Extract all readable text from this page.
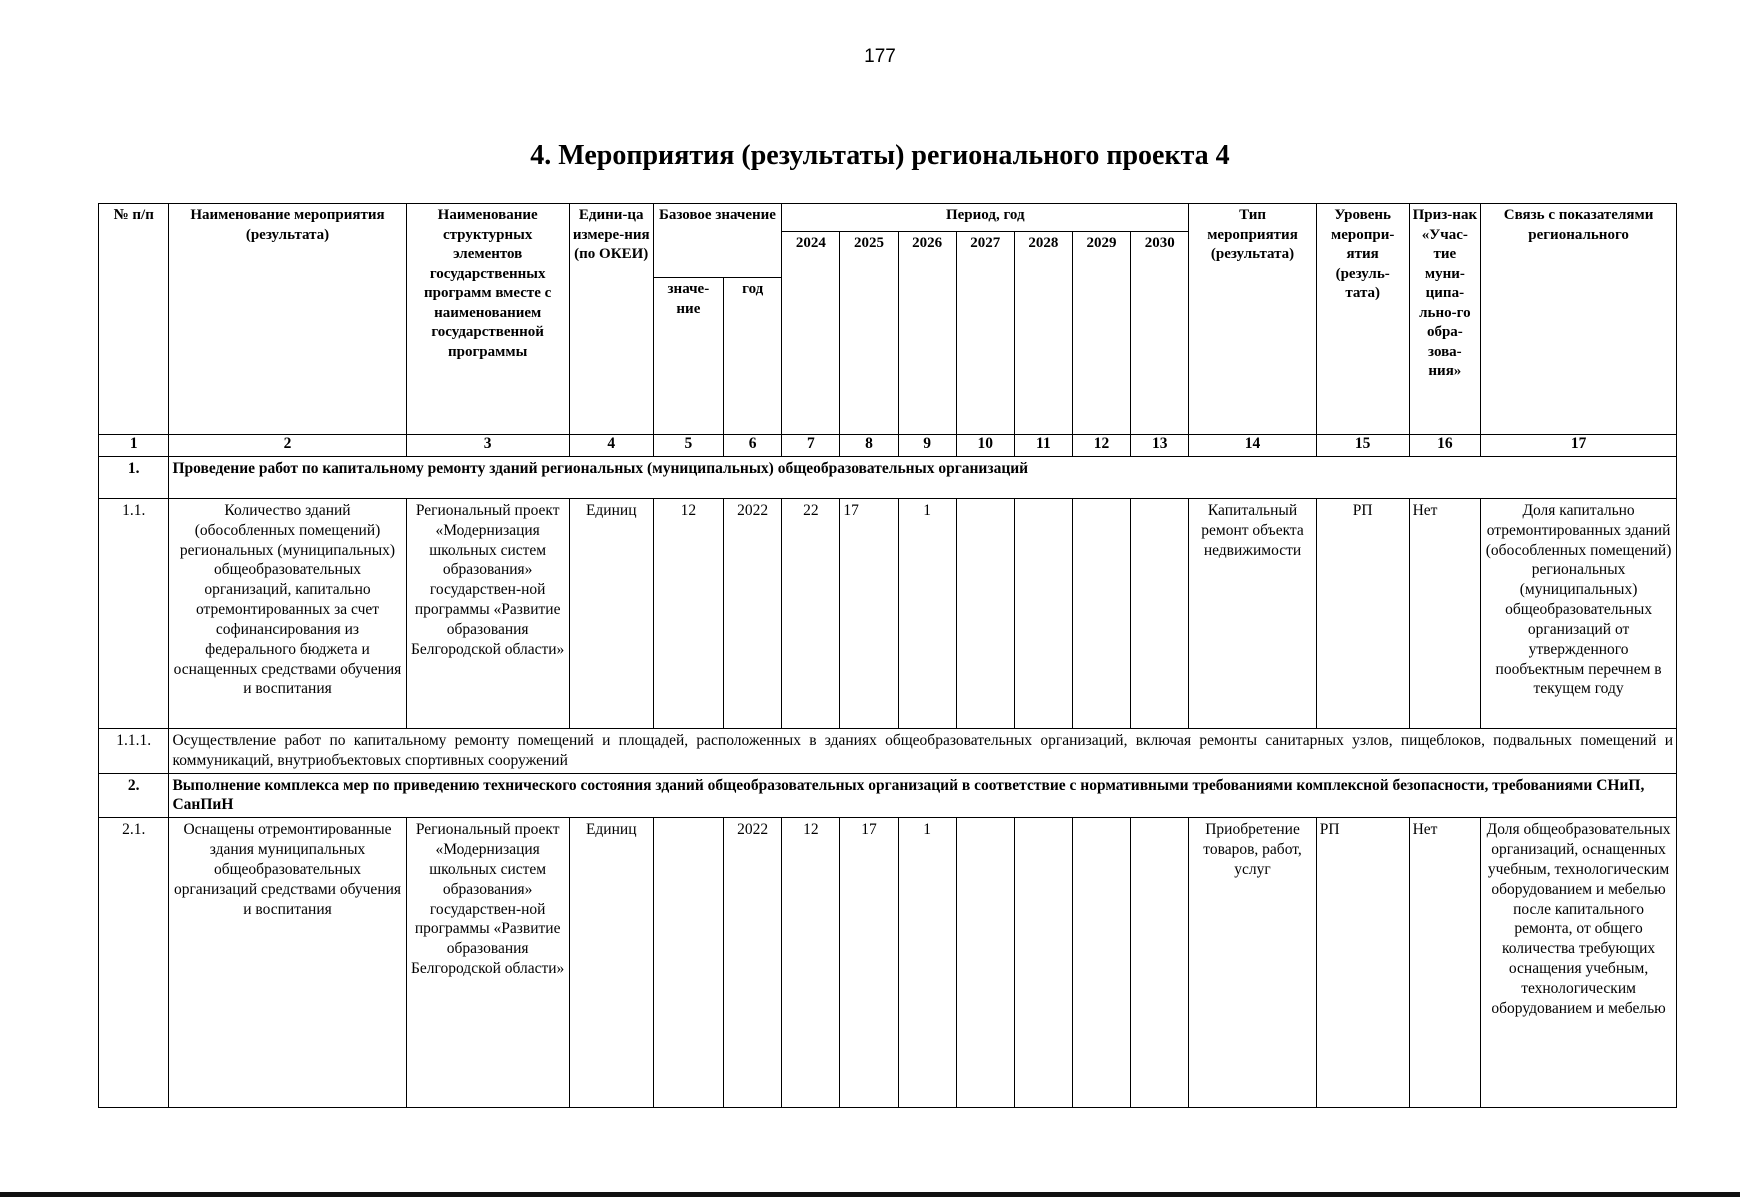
177
4. Мероприятия (результаты) регионального проекта 4
№ п/п	Наименование мероприятия (результата)	Наименование структурных элементов государственных программ вместе с наименованием государственной программы	Едини-ца измере-ния (по ОКЕИ)	Базовое значение		Период, год							Тип мероприятия (результата)	Уровень меропри-ятия (резуль-тата)	Приз-нак «Учас-тие муни-ципа-льно-го обра-зова-ния»	Связь с показателями регионального
						2024	2025	2026	2027	2028	2029	2030				
				значе-ние	год											
1	2	3	4	5	6	7	8	9	10	11	12	13	14	15	16	17
1.	Проведение работ по капитальному ремонту зданий региональных (муниципальных) общеобразовательных организаций															
1.1.	Количество зданий (обособленных помещений) региональных (муниципальных) общеобразовательных организаций, капитально отремонтированных за счет софинансирования из федерального бюджета и оснащенных средствами обучения и воспитания	Региональный проект «Модернизация школьных систем образования» государствен-ной программы «Развитие образования Белгородской области»	Единиц	12	2022	22	17	1					Капитальный ремонт объекта недвижимости	РП	Нет	Доля капитально отремонтированных зданий (обособленных помещений) региональных (муниципальных) общеобразовательных организаций от утвержденного пообъектным перечнем в текущем году
1.1.1.	Осуществление работ по капитальному ремонту помещений и площадей, расположенных в зданиях общеобразовательных организаций, включая ремонты санитарных узлов, пищеблоков, подвальных помещений и коммуникаций, внутриобъектовых спортивных сооружений															
2.	Выполнение комплекса мер по приведению технического состояния зданий общеобразовательных организаций в соответствие с нормативными требованиями комплексной безопасности, требованиями СНиП, СанПиН															
2.1.	Оснащены отремонтированные здания муниципальных общеобразовательных организаций средствами обучения и воспитания	Региональный проект «Модернизация школьных систем образования» государствен-ной программы «Развитие образования Белгородской области»	Единиц		2022	12	17	1					Приобретение товаров, работ, услуг	РП	Нет	Доля общеобразовательных организаций, оснащенных учебным, технологическим оборудованием и мебелью после капитального ремонта, от общего количества требующих оснащения учебным, технологическим оборудованием и мебелью
